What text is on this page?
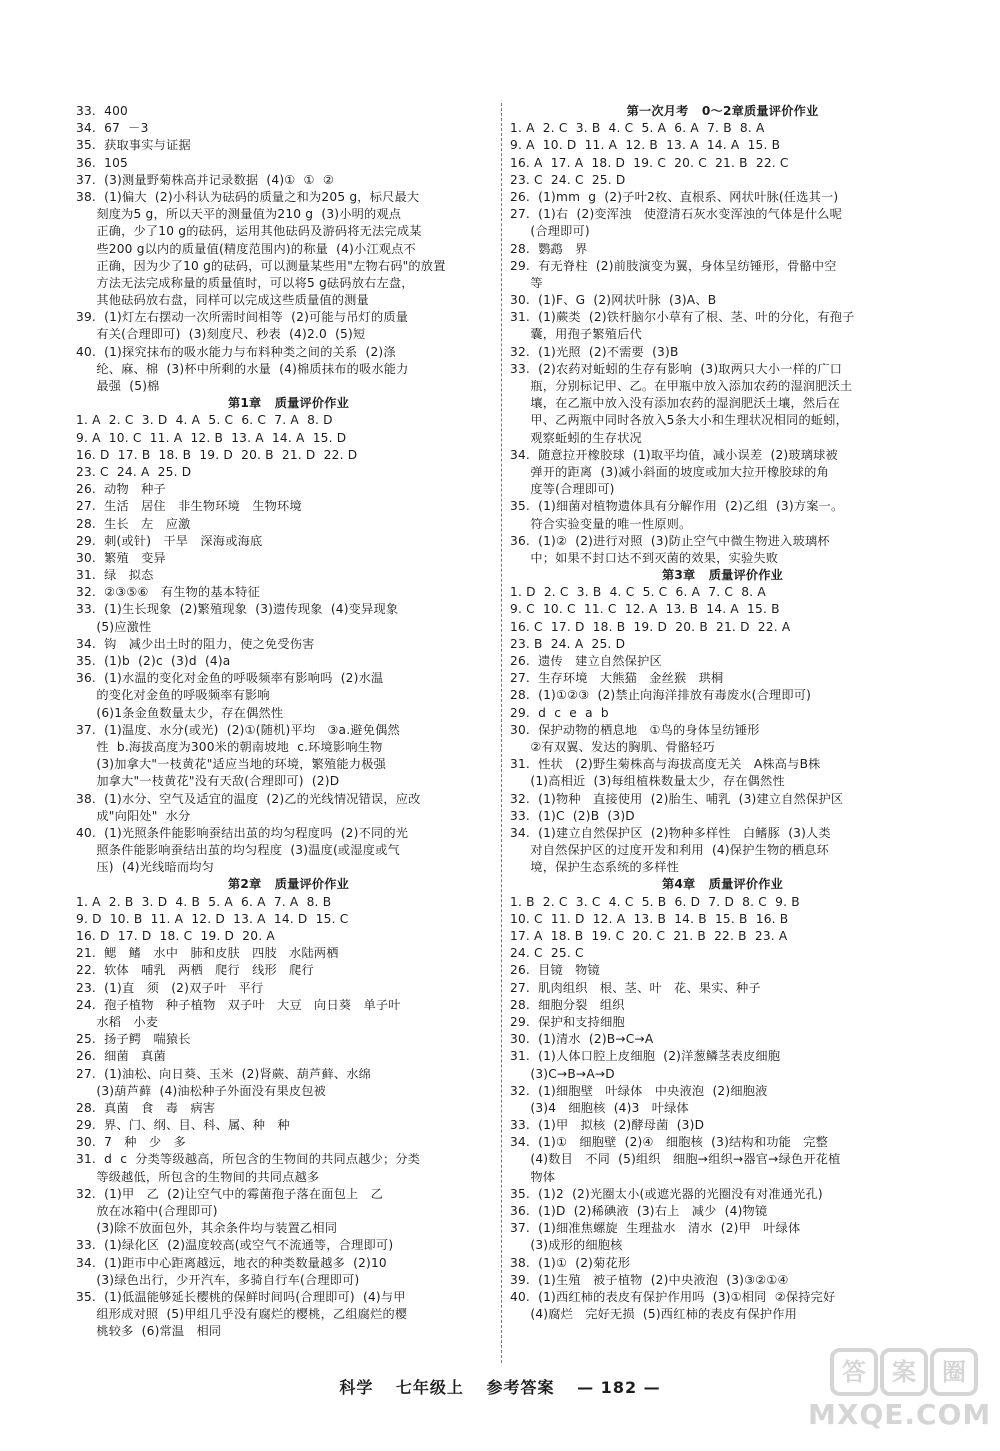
33.  400
34.  67  －3
35.  获取事实与证据
36.  105
37.  (3)测量野菊株高并记录数据  (4)①  ①  ②
38.  (1)偏大  (2)小科认为砝码的质量之和为205 g，标尺最大
刻度为5 g，所以天平的测量值为210 g  (3)小明的观点
正确，少了10 g的砝码，运用其他砝码及游码将无法完成某
些200 g以内的质量值(精度范围内)的称量  (4)小江观点不
正确，因为少了10 g的砝码，可以测量某些用"左物右码"的放置
方法无法完成称量的质量值时，可以将5 g砝码放右左盘，
其他砝码放右盘，同样可以完成这些质量值的测量
39.  (1)灯左右摆动一次所需时间相等  (2)可能与吊灯的质量
有关(合理即可)  (3)刻度尺、秒表  (4)2.0  (5)短
40.  (1)探究抹布的吸水能力与布料种类之间的关系  (2)涤
纶、麻、棉  (3)杯中所剩的水量  (4)棉质抹布的吸水能力
最强  (5)棉
第1章   质量评价作业
1. A  2. C  3. D  4. A  5. C  6. C  7. A  8. D
9. A  10. C  11. A  12. B  13. A  14. A  15. D
16. D  17. B  18. B  19. D  20. B  21. D  22. D
23. C  24. A  25. D
26.  动物   种子
27.  生活   居住   非生物环境   生物环境
28.  生长   左   应激
29.  刺(或针)   干旱   深海或海底
30.  繁殖   变异
31.  绿   拟态
32.  ②③⑤⑥   有生物的基本特征
33.  (1)生长现象  (2)繁殖现象  (3)遗传现象  (4)变异现象
(5)应激性
34.  钩   减少出土时的阻力，使之免受伤害
35.  (1)b  (2)c  (3)d  (4)a
36.  (1)水温的变化对金鱼的呼吸频率有影响吗  (2)水温
的变化对金鱼的呼吸频率有影响
(6)1条金鱼数量太少，存在偶然性
37.  (1)温度、水分(或光)  (2)①(随机)平均   ③a.避免偶然
性  b.海拔高度为300米的朝南坡地  c.环境影响生物
(3)加拿大"一枝黄花"适应当地的环境，繁殖能力极强
加拿大"一枝黄花"没有天敌(合理即可)  (2)D
38.  (1)水分、空气及适宜的温度  (2)乙的光线情况错误，应改
成"向阳处"  水分
40.  (1)光照条件能影响蚕结出茧的均匀程度吗  (2)不同的光
照条件能影响蚕结出茧的均匀程度  (3)温度(或湿度或气
压)  (4)光线暗而均匀
第2章   质量评价作业
1. A  2. B  3. D  4. B  5. A  6. A  7. A  8. B
9. D  10. B  11. A  12. D  13. A  14. D  15. C
16. D  17. D  18. C  19. D  20. A
21.  鳃   鳍   水中   肺和皮肤   四肢   水陆两栖
22.  软体   哺乳   两栖   爬行   线形   爬行
23.  (1)直   须   (2)双子叶   平行
24.  孢子植物   种子植物   双子叶   大豆   向日葵   单子叶
水稻   小麦
25.  扬子鳄   喘猿长
26.  细菌   真菌
27.  (1)油松、向日葵、玉米  (2)肾蕨、葫芦藓、水绵
(3)葫芦藓  (4)油松种子外面没有果皮包被
28.  真菌   食   毒   病害
29.  界、门、纲、目、科、属、种   种
30.  7   种   少   多
31.  d  c  分类等级越高，所包含的生物间的共同点越少；分类
等级越低，所包含的生物间的共同点越多
32.  (1)甲   乙  (2)让空气中的霉菌孢子落在面包上   乙
放在冰箱中(合理即可)
(3)除不放面包外，其余条件均与装置乙相同
33.  (1)绿化区  (2)温度较高(或空气不流通等，合理即可)
34.  (1)距市中心距离越远，地衣的种类数量越多  (2)10
(3)绿色出行，少开汽车，多骑自行车(合理即可)
35.  (1)低温能够延长樱桃的保鲜时间吗(合理即可)  (4)与甲
组形成对照  (5)甲组几乎没有腐烂的樱桃，乙组腐烂的樱
桃较多  (6)常温   相同
第一次月考   0～2章质量评价作业
1. A  2. C  3. B  4. C  5. A  6. A  7. B  8. A
9. A  10. D  11. A  12. B  13. A  14. A  15. B
16. A  17. A  18. D  19. C  20. C  21. B  22. C
23. C  24. C  25. D
26.  (1)mm  g  (2)子叶2枚、直根系、网状叶脉(任选其一)
27.  (1)右  (2)变浑浊   使澄清石灰水变浑浊的气体是什么呢
(合理即可)
28.  鹦鹉   界
29.  有无脊柱  (2)前肢演变为翼，身体呈纺锤形，骨骼中空
等
30.  (1)F、G  (2)网状叶脉  (3)A、B
31.  (1)蕨类  (2)铁杆脑尔小草有了根、茎、叶的分化，有孢子
囊，用孢子繁殖后代
32.  (1)光照  (2)不需要  (3)B
33.  (2)农药对蚯蚓的生存有影响  (3)取两只大小一样的广口
瓶，分别标记甲、乙。在甲瓶中放入添加农药的湿润肥沃土
壤，在乙瓶中放入没有添加农药的湿润肥沃土壤，然后在
甲、乙两瓶中同时各放入5条大小和生理状况相同的蚯蚓，
观察蚯蚓的生存状况
34.  随意拉开橡胶球  (1)取平均值，减小误差  (2)玻璃球被
弹开的距离  (3)减小斜面的坡度或加大拉开橡胶球的角
度等(合理即可)
35.  (1)细菌对植物遗体具有分解作用  (2)乙组  (3)方案一。
符合实验变量的唯一性原则。
36.  (1)②  (2)进行对照  (3)防止空气中微生物进入玻璃杯
中；如果不封口达不到灭菌的效果，实验失败
第3章   质量评价作业
1. D  2. C  3. B  4. C  5. C  6. A  7. C  8. A
9. C  10. C  11. C  12. A  13. B  14. A  15. B
16. C  17. D  18. B  19. D  20. B  21. D  22. A
23. B  24. A  25. D
26.  遗传   建立自然保护区
27.  生存环境   大熊猫   金丝猴   珙桐
28.  (1)①②③  (2)禁止向海洋排放有毒废水(合理即可)
29.  d  c  e  a  b
30.  保护动物的栖息地   ①鸟的身体呈纺锤形
②有双翼、发达的胸肌、骨骼轻巧
31.  性状   (2)野生菊株高与海拔高度无关   A株高与B株
(1)高相近  (3)每组植株数量太少，存在偶然性
32.  (1)物种   直接使用  (2)胎生、哺乳  (3)建立自然保护区
33.  (1)C  (2)B  (3)D
34.  (1)建立自然保护区  (2)物种多样性   白鳍豚  (3)人类
对自然保护区的过度开发和利用  (4)保护生物的栖息环
境，保护生态系统的多样性
第4章   质量评价作业
1. B  2. C  3. C  4. C  5. B  6. D  7. D  8. C  9. B
10. C  11. D  12. A  13. B  14. B  15. B  16. B
17. A  18. B  19. C  20. C  21. B  22. B  23. A
24. C  25. C
26.  目镜   物镜
27.  肌肉组织   根、茎、叶   花、果实、种子
28.  细胞分裂   组织
29.  保护和支持细胞
30.  (1)清水  (2)B→C→A
31.  (1)人体口腔上皮细胞  (2)洋葱鳞茎表皮细胞
(3)C→B→A→D
32.  (1)细胞壁   叶绿体   中央液泡  (2)细胞液
(3)4   细胞核  (4)3   叶绿体
33.  (1)甲   拟核  (2)酵母菌  (3)D
34.  (1)①   细胞壁  (2)④   细胞核  (3)结构和功能   完整
(4)数目   不同  (5)组织   细胞→组织→器官→绿色开花植
物体
35.  (1)2  (2)光圈太小(或遮光器的光圈没有对准通光孔)
36.  (1)D  (2)稀碘液  (3)右上   减少  (4)物镜
37.  (1)细准焦螺旋  生理盐水   清水  (2)甲   叶绿体
(3)成形的细胞核
38.  (1)①  (2)菊花形
39.  (1)生殖   被子植物  (2)中央液泡  (3)③②①④
40.  (1)西红柿的表皮有保护作用吗  (3)①相同  ②保持完好
(4)腐烂   完好无损  (5)西红柿的表皮有保护作用
科学 七年级上 参考答案 — 182 —
答	案	圈
MXQE.COM
